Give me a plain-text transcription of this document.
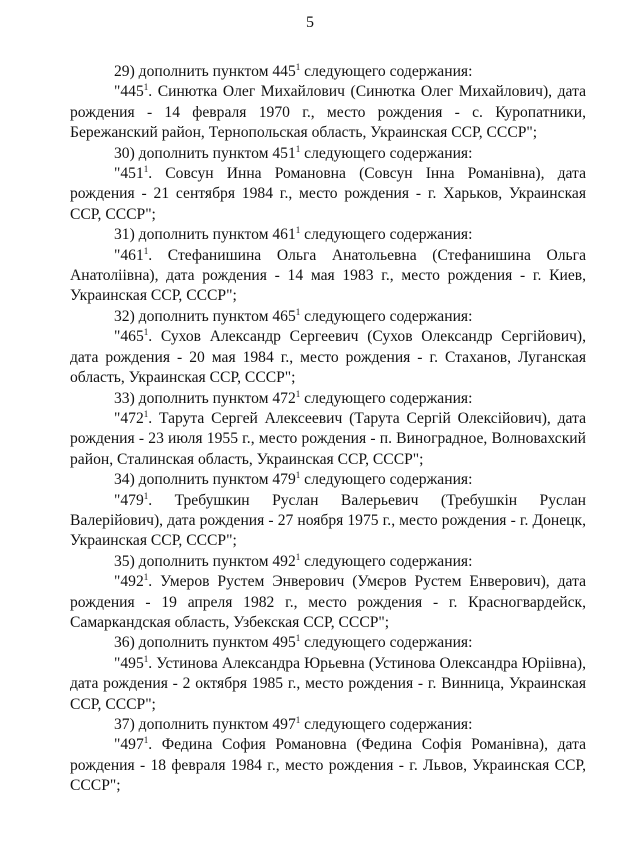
5

29) дополнить пунктом $445^1$ следующего содержания:

"$445^1$. Синютка Олег Михайлович (Синютка Олег Михайлович), дата рождения - 14 февраля 1970 г., место рождения - с. Куропатники, Бережанский район, Тернопольская область, Украинская ССР, СССР";

30) дополнить пунктом $451^1$ следующего содержания:

"$451^1$. Совсун Инна Романовна (Совсун Iнна Романiвна), дата рождения - 21 сентября 1984 г., место рождения - г. Харьков, Украинская ССР, СССР";

31) дополнить пунктом $461^1$ следующего содержания:

"$461^1$. Стефанишина Ольга Анатольевна (Стефанишина Ольга Анатолiiвна), дата рождения - 14 мая 1983 г., место рождения - г. Киев, Украинская ССР, СССР";

32) дополнить пунктом $465^1$ следующего содержания:

"$465^1$. Сухов Александр Сергеевич (Сухов Олександр Сергiйович), дата рождения - 20 мая 1984 г., место рождения - г. Стаханов, Луганская область, Украинская ССР, СССР";

33) дополнить пунктом $472^1$ следующего содержания:

"$472^1$. Тарута Сергей Алексеевич (Тарута Сергiй Олексiйович), дата рождения - 23 июля 1955 г., место рождения - п. Виноградное, Волновахский район, Сталинская область, Украинская ССР, СССР";

34) дополнить пунктом $479^1$ следующего содержания:

"$479^1$. Требушкин Руслан Валерьевич (Требушкiн Руслан Валерiйович), дата рождения - 27 ноября 1975 г., место рождения - г. Донецк, Украинская ССР, СССР";

35) дополнить пунктом $492^1$ следующего содержания:

"$492^1$. Умеров Рустем Энверович (Умєров Рустем Енверович), дата рождения - 19 апреля 1982 г., место рождения - г. Красногвардейск, Самаркандская область, Узбекская ССР, СССР";

36) дополнить пунктом $495^1$ следующего содержания:

"$495^1$. Устинова Александра Юрьевна (Устинова Олександра Юрiiвна), дата рождения - 2 октября 1985 г., место рождения - г. Винница, Украинская ССР, СССР";

37) дополнить пунктом $497^1$ следующего содержания:

"$497^1$. Федина София Романовна (Федина Софiя Романiвна), дата рождения - 18 февраля 1984 г., место рождения - г. Львов, Украинская ССР, СССР";
